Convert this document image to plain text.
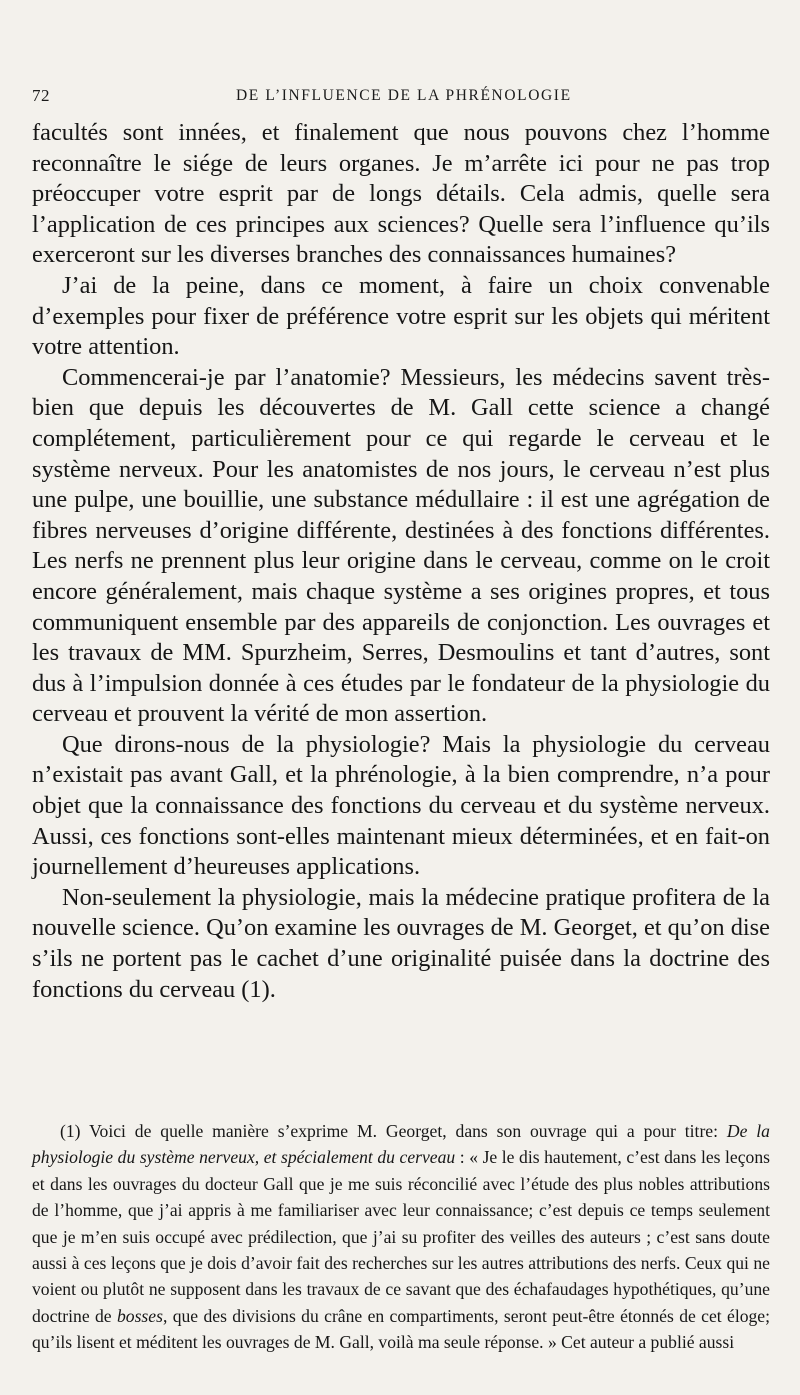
72	DE L’INFLUENCE DE LA PHRÉNOLOGIE

facultés sont innées, et finalement que nous pouvons chez l’homme reconnaître le siége de leurs organes. Je m’arrête ici pour ne pas trop préoccuper votre esprit par de longs détails. Cela admis, quelle sera l’application de ces principes aux sciences? Quelle sera l’influence qu’ils exerceront sur les diverses branches des connaissances humaines?

J’ai de la peine, dans ce moment, à faire un choix convenable d’exemples pour fixer de préférence votre esprit sur les objets qui méritent votre attention.

Commencerai-je par l’anatomie? Messieurs, les médecins savent très-bien que depuis les découvertes de M. Gall cette science a changé complétement, particulièrement pour ce qui regarde le cerveau et le système nerveux. Pour les anatomistes de nos jours, le cerveau n’est plus une pulpe, une bouillie, une substance médullaire : il est une agrégation de fibres nerveuses d’origine différente, destinées à des fonctions différentes. Les nerfs ne prennent plus leur origine dans le cerveau, comme on le croit encore généralement, mais chaque système a ses origines propres, et tous communiquent ensemble par des appareils de conjonction. Les ouvrages et les travaux de MM. Spurzheim, Serres, Desmoulins et tant d’autres, sont dus à l’impulsion donnée à ces études par le fondateur de la physiologie du cerveau et prouvent la vérité de mon assertion.

Que dirons-nous de la physiologie? Mais la physiologie du cerveau n’existait pas avant Gall, et la phrénologie, à la bien comprendre, n’a pour objet que la connaissance des fonctions du cerveau et du système nerveux. Aussi, ces fonctions sont-elles maintenant mieux déterminées, et en fait-on journellement d’heureuses applications.

Non-seulement la physiologie, mais la médecine pratique profitera de la nouvelle science. Qu’on examine les ouvrages de M. Georget, et qu’on dise s’ils ne portent pas le cachet d’une originalité puisée dans la doctrine des fonctions du cerveau (1).

(1) Voici de quelle manière s’exprime M. Georget, dans son ouvrage qui a pour titre: De la physiologie du système nerveux, et spécialement du cerveau : « Je le dis hautement, c’est dans les leçons et dans les ouvrages du docteur Gall que je me suis réconcilié avec l’étude des plus nobles attributions de l’homme, que j’ai appris à me familiariser avec leur connaissance; c’est depuis ce temps seulement que je m’en suis occupé avec prédilection, que j’ai su profiter des veilles des auteurs ; c’est sans doute aussi à ces leçons que je dois d’avoir fait des recherches sur les autres attributions des nerfs. Ceux qui ne voient ou plutôt ne supposent dans les travaux de ce savant que des échafaudages hypothétiques, qu’une doctrine de bosses, que des divisions du crâne en compartiments, seront peut-être étonnés de cet éloge; qu’ils lisent et méditent les ouvrages de M. Gall, voilà ma seule réponse. » Cet auteur a publié aussi
